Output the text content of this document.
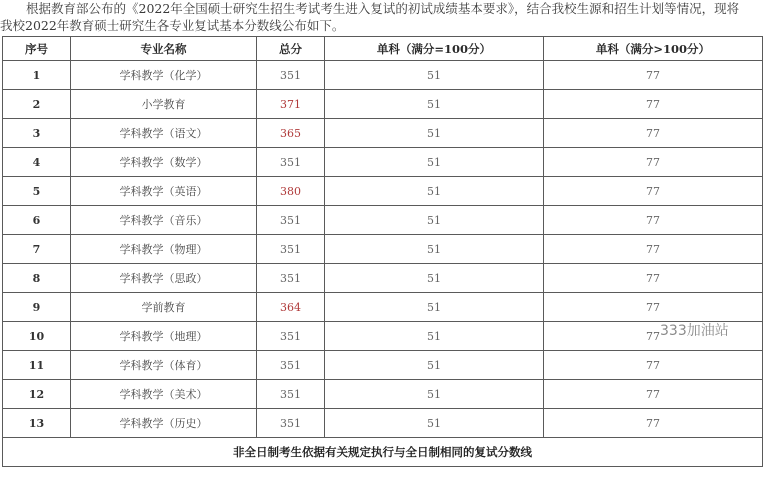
根据教育部公布的《2022年全国硕士研究生招生考试考生进入复试的初试成绩基本要求》，结合我校生源和招生计划等情况，现将
我校2022年教育硕士研究生各专业复试基本分数线公布如下。
序号	专业名称	总分	单科（满分=100分）	单科（满分>100分）
1	学科教学（化学）	351	51	77
2	小学教育	371	51	77
3	学科教学（语文）	365	51	77
4	学科教学（数学）	351	51	77
5	学科教学（英语）	380	51	77
6	学科教学（音乐）	351	51	77
7	学科教学（物理）	351	51	77
8	学科教学（思政）	351	51	77
9	学前教育	364	51	77
10	学科教学（地理）	351	51	77
11	学科教学（体育）	351	51	77
12	学科教学（美术）	351	51	77
13	学科教学（历史）	351	51	77
非全日制考生依据有关规定执行与全日制相同的复试分数线				
333加油站
